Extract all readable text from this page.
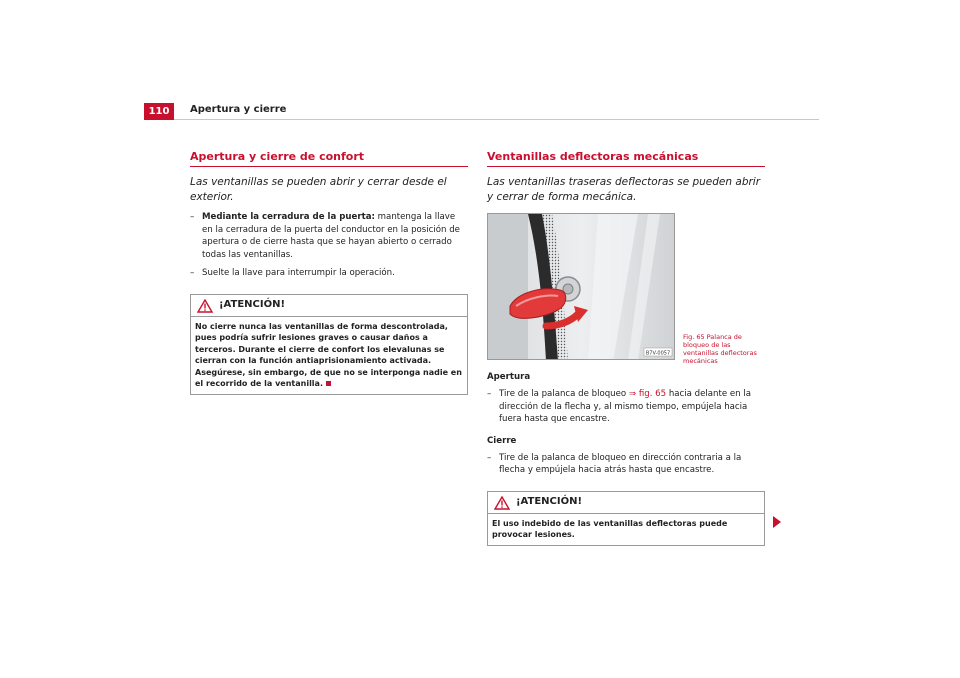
110	Apertura y cierre
Apertura y cierre de confort
Las ventanillas se pueden abrir y cerrar desde el exterior.
– Mediante la cerradura de la puerta: mantenga la llave en la cerradura de la puerta del conductor en la posición de apertura o de cierre hasta que se hayan abierto o cerrado todas las ventanillas.
– Suelte la llave para interrumpir la operación.
¡ATENCIÓN!
No cierre nunca las ventanillas de forma descontrolada, pues podría sufrir lesiones graves o causar daños a terceros. Durante el cierre de confort los elevalunas se cierran con la función antiaprisionamiento activada. Asegúrese, sin embargo, de que no se interponga nadie en el recorrido de la ventanilla.
Ventanillas deflectoras mecánicas
Las ventanillas traseras deflectoras se pueden abrir y cerrar de forma mecánica.
B7V-0057
Fig. 65 Palanca de bloqueo de las ventanillas deflectoras mecánicas
Apertura
– Tire de la palanca de bloqueo ⇒ fig. 65 hacia delante en la dirección de la flecha y, al mismo tiempo, empújela hacia fuera hasta que encastre.
Cierre
– Tire de la palanca de bloqueo en dirección contraria a la flecha y empújela hacia atrás hasta que encastre.
¡ATENCIÓN!
El uso indebido de las ventanillas deflectoras puede provocar lesiones.
